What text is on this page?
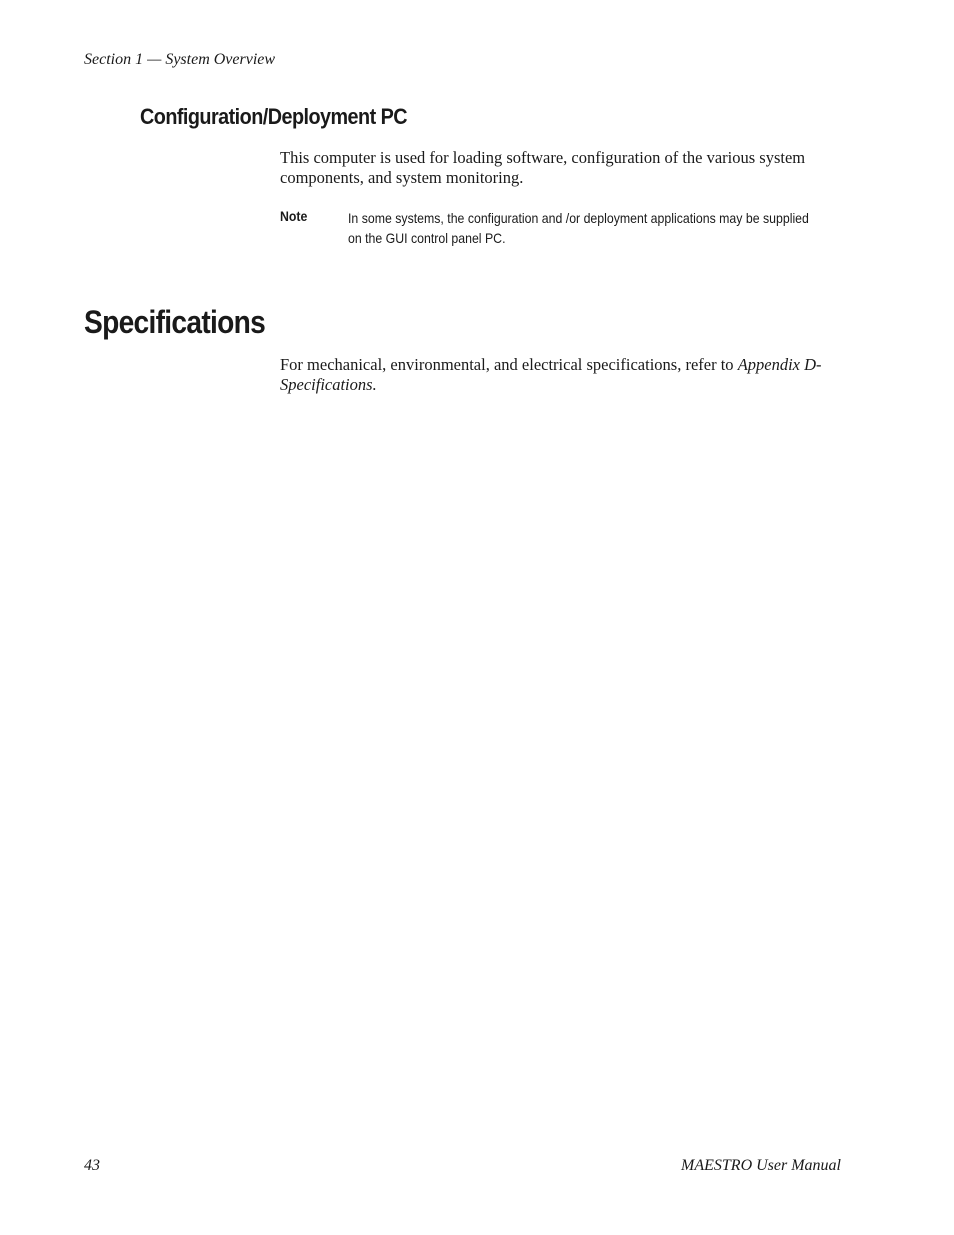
Section 1 — System Overview
Configuration/Deployment PC

This computer is used for loading software, configuration of the various system components, and system monitoring.

Note	In some systems, the configuration and /or deployment applications may be supplied on the GUI control panel PC.

Specifications

For mechanical, environmental, and electrical specifications, refer to Appendix D-Specifications.

43	MAESTRO User Manual
